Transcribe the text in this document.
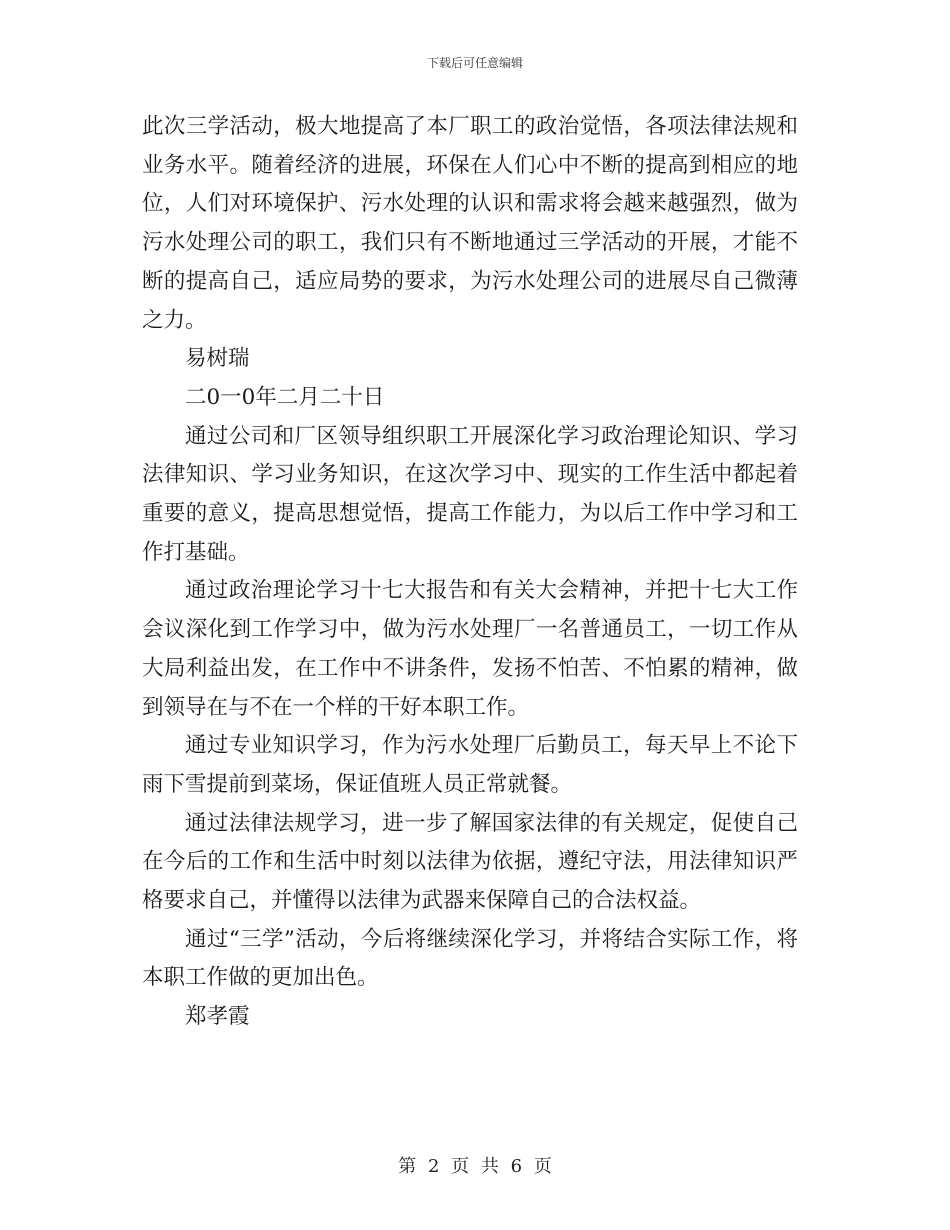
下载后可任意编辑

此次三学活动，极大地提高了本厂职工的政治觉悟，各项法律法规和业务水平。随着经济的进展，环保在人们心中不断的提高到相应的地位，人们对环境保护、污水处理的认识和需求将会越来越强烈，做为污水处理公司的职工，我们只有不断地通过三学活动的开展，才能不断的提高自己，适应局势的要求，为污水处理公司的进展尽自己微薄之力。

易树瑞

二0一0年二月二十日

通过公司和厂区领导组织职工开展深化学习政治理论知识、学习法律知识、学习业务知识，在这次学习中、现实的工作生活中都起着重要的意义，提高思想觉悟，提高工作能力，为以后工作中学习和工作打基础。

通过政治理论学习十七大报告和有关大会精神，并把十七大工作会议深化到工作学习中，做为污水处理厂一名普通员工，一切工作从大局利益出发，在工作中不讲条件，发扬不怕苦、不怕累的精神，做到领导在与不在一个样的干好本职工作。

通过专业知识学习，作为污水处理厂后勤员工，每天早上不论下雨下雪提前到菜场，保证值班人员正常就餐。

通过法律法规学习，进一步了解国家法律的有关规定，促使自己在今后的工作和生活中时刻以法律为依据，遵纪守法，用法律知识严格要求自己，并懂得以法律为武器来保障自己的合法权益。

通过“三学”活动，今后将继续深化学习，并将结合实际工作，将本职工作做的更加出色。

郑孝霞

第 2 页 共 6 页
